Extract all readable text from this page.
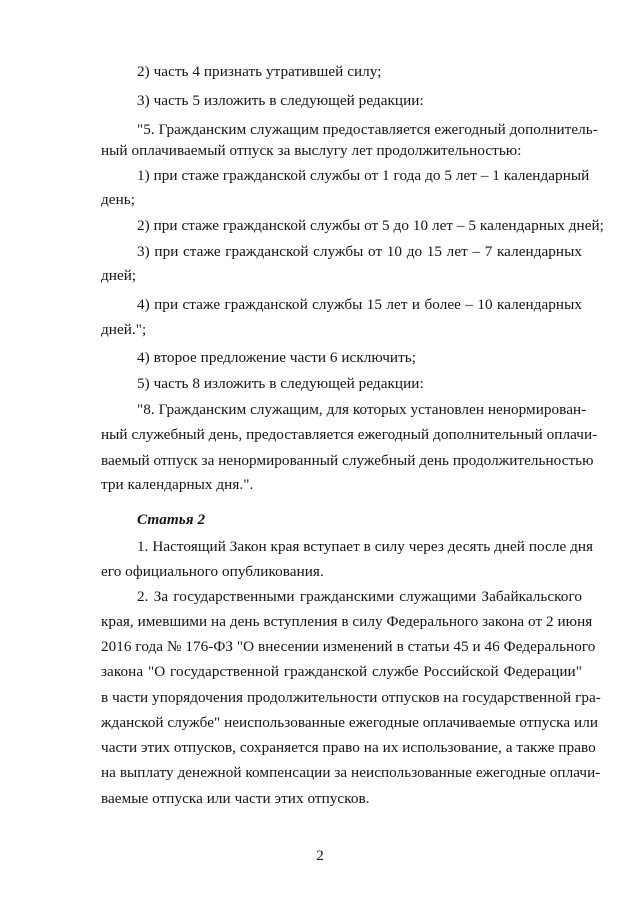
2) часть 4 признать утратившей силу;
3) часть 5 изложить в следующей редакции:
"5. Гражданским служащим предоставляется ежегодный дополнитель-
ный оплачиваемый отпуск за выслугу лет продолжительностью:
1) при стаже гражданской службы от 1 года до 5 лет – 1 календарный
день;
2) при стаже гражданской службы от 5 до 10 лет – 5 календарных дней;
3) при стаже гражданской службы от 10 до 15 лет – 7 календарных
дней;
4) при стаже гражданской службы 15 лет и более – 10 календарных
дней.";
4) второе предложение части 6 исключить;
5) часть 8 изложить в следующей редакции:
"8. Гражданским служащим, для которых установлен ненормирован-
ный служебный день, предоставляется ежегодный дополнительный оплачи-
ваемый отпуск за ненормированный служебный день продолжительностью
три календарных дня.".
Статья 2
1. Настоящий Закон края вступает в силу через десять дней после дня
его официального опубликования.
2. За государственными гражданскими служащими Забайкальского
края, имевшими на день вступления в силу Федерального закона от 2 июня
2016 года № 176-ФЗ "О внесении изменений в статьи 45 и 46 Федерального
закона "О государственной гражданской службе Российской Федерации"
в части упорядочения продолжительности отпусков на государственной гра-
жданской службе" неиспользованные ежегодные оплачиваемые отпуска или
части этих отпусков, сохраняется право на их использование, а также право
на выплату денежной компенсации за неиспользованные ежегодные оплачи-
ваемые отпуска или части этих отпусков.
2
